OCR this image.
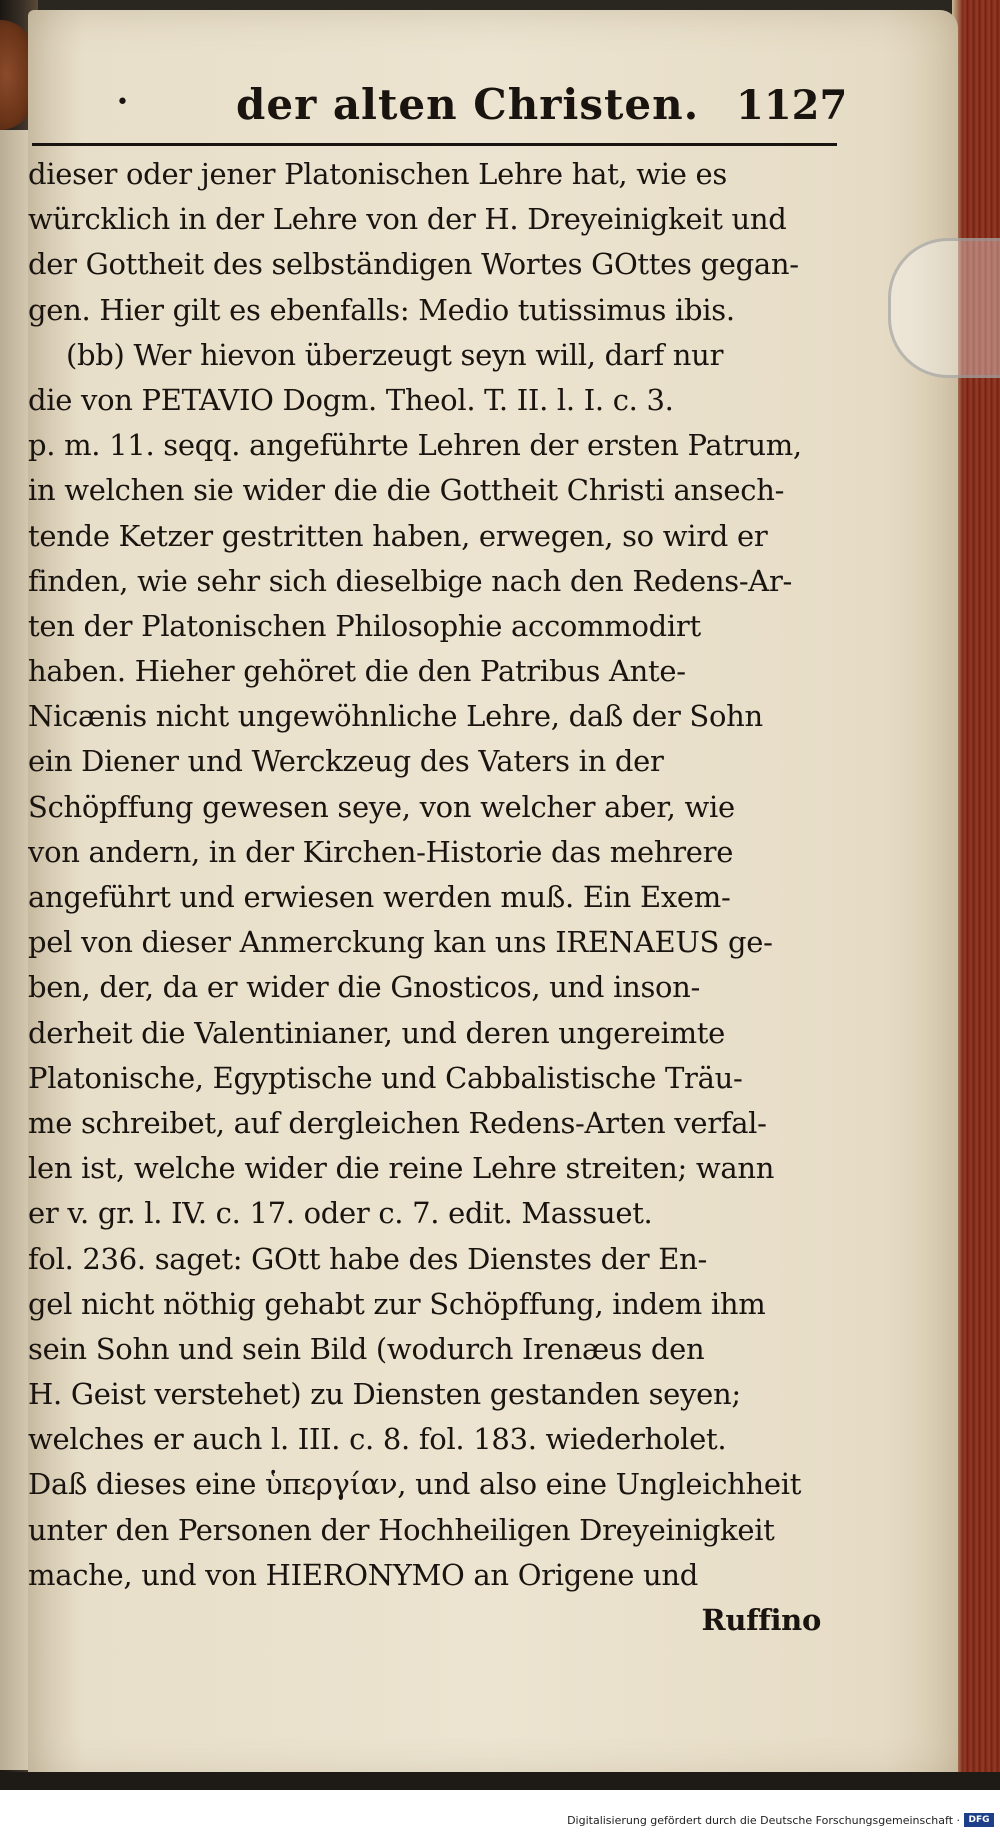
•	der alten Christen. 1127
dieser oder jener Platonischen Lehre hat, wie es
würcklich in der Lehre von der H. Dreyeinigkeit und
der Gottheit des selbständigen Wortes GOttes gegan-
gen. Hier gilt es ebenfalls: Medio tutissimus ibis.
(bb) Wer hievon überzeugt seyn will, darf nur
die von PETAVIO Dogm. Theol. T. II. l. I. c. 3.
p. m. 11. seqq. angeführte Lehren der ersten Patrum,
in welchen sie wider die die Gottheit Christi ansech-
tende Ketzer gestritten haben, erwegen, so wird er
finden, wie sehr sich dieselbige nach den Redens-Ar-
ten der Platonischen Philosophie accommodirt
haben. Hieher gehöret die den Patribus Ante-
Nicænis nicht ungewöhnliche Lehre, daß der Sohn
ein Diener und Werckzeug des Vaters in der
Schöpffung gewesen seye, von welcher aber, wie
von andern, in der Kirchen-Historie das mehrere
angeführt und erwiesen werden muß. Ein Exem-
pel von dieser Anmerckung kan uns IRENAEUS ge-
ben, der, da er wider die Gnosticos, und inson-
derheit die Valentinianer, und deren ungereimte
Platonische, Egyptische und Cabbalistische Träu-
me schreibet, auf dergleichen Redens-Arten verfal-
len ist, welche wider die reine Lehre streiten; wann
er v. gr. l. IV. c. 17. oder c. 7. edit. Massuet.
fol. 236. saget: GOtt habe des Dienstes der En-
gel nicht nöthig gehabt zur Schöpffung, indem ihm
sein Sohn und sein Bild (wodurch Irenæus den
H. Geist verstehet) zu Diensten gestanden seyen;
welches er auch l. III. c. 8. fol. 183. wiederholet.
Daß dieses eine ὑπεργίαν, und also eine Ungleichheit
unter den Personen der Hochheiligen Dreyeinigkeit
mache, und von HIERONYMO an Origene und
Ruffino
Digitalisierung gefördert durch die Deutsche Forschungsgemeinschaft · DFG
